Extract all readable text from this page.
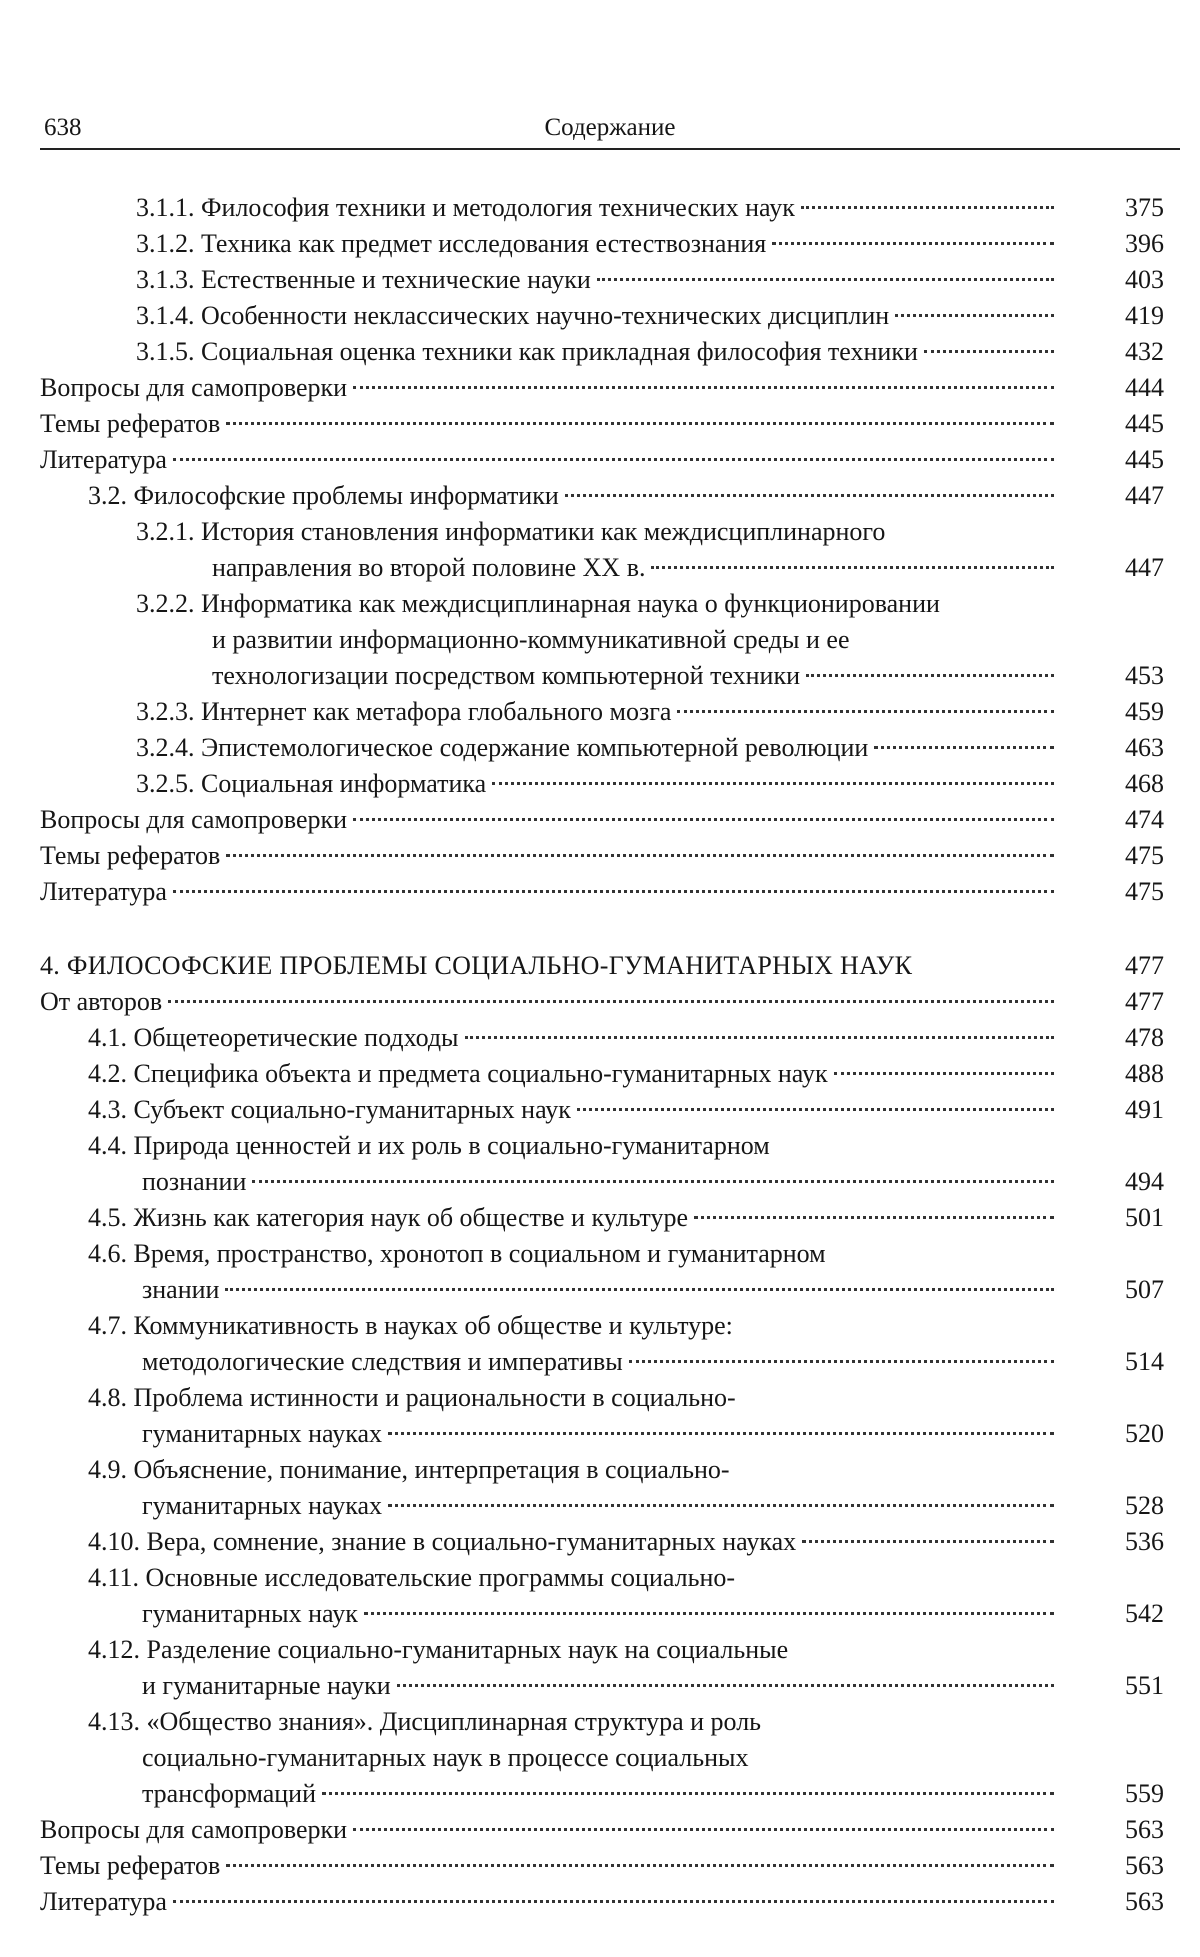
638	Содержание
3.1.1. Философия техники и методология технических наук	375
3.1.2. Техника как предмет исследования естествознания	396
3.1.3. Естественные и технические науки	403
3.1.4. Особенности неклассических научно-технических дисциплин	419
3.1.5. Социальная оценка техники как прикладная философия техники	432
Вопросы для самопроверки	444
Темы рефератов	445
Литература	445
3.2. Философские проблемы информатики	447
3.2.1. История становления информатики как междисциплинарного
направления во второй половине XX в.	447
3.2.2. Информатика как междисциплинарная наука о функционировании
и развитии информационно-коммуникативной среды и ее
технологизации посредством компьютерной техники	453
3.2.3. Интернет как метафора глобального мозга	459
3.2.4. Эпистемологическое содержание компьютерной революции	463
3.2.5. Социальная информатика	468
Вопросы для самопроверки	474
Темы рефератов	475
Литература	475
4. ФИЛОСОФСКИЕ ПРОБЛЕМЫ СОЦИАЛЬНО-ГУМАНИТАРНЫХ НАУК	477
От авторов	477
4.1. Общетеоретические подходы	478
4.2. Специфика объекта и предмета социально-гуманитарных наук	488
4.3. Субъект социально-гуманитарных наук	491
4.4. Природа ценностей и их роль в социально-гуманитарном
познании	494
4.5. Жизнь как категория наук об обществе и культуре	501
4.6. Время, пространство, хронотоп в социальном и гуманитарном
знании	507
4.7. Коммуникативность в науках об обществе и культуре:
методологические следствия и императивы	514
4.8. Проблема истинности и рациональности в социально-
гуманитарных науках	520
4.9. Объяснение, понимание, интерпретация в социально-
гуманитарных науках	528
4.10. Вера, сомнение, знание в социально-гуманитарных науках	536
4.11. Основные исследовательские программы социально-
гуманитарных наук	542
4.12. Разделение социально-гуманитарных наук на социальные
и гуманитарные науки	551
4.13. «Общество знания». Дисциплинарная структура и роль
социально-гуманитарных наук в процессе социальных
трансформаций	559
Вопросы для самопроверки	563
Темы рефератов	563
Литература	563
